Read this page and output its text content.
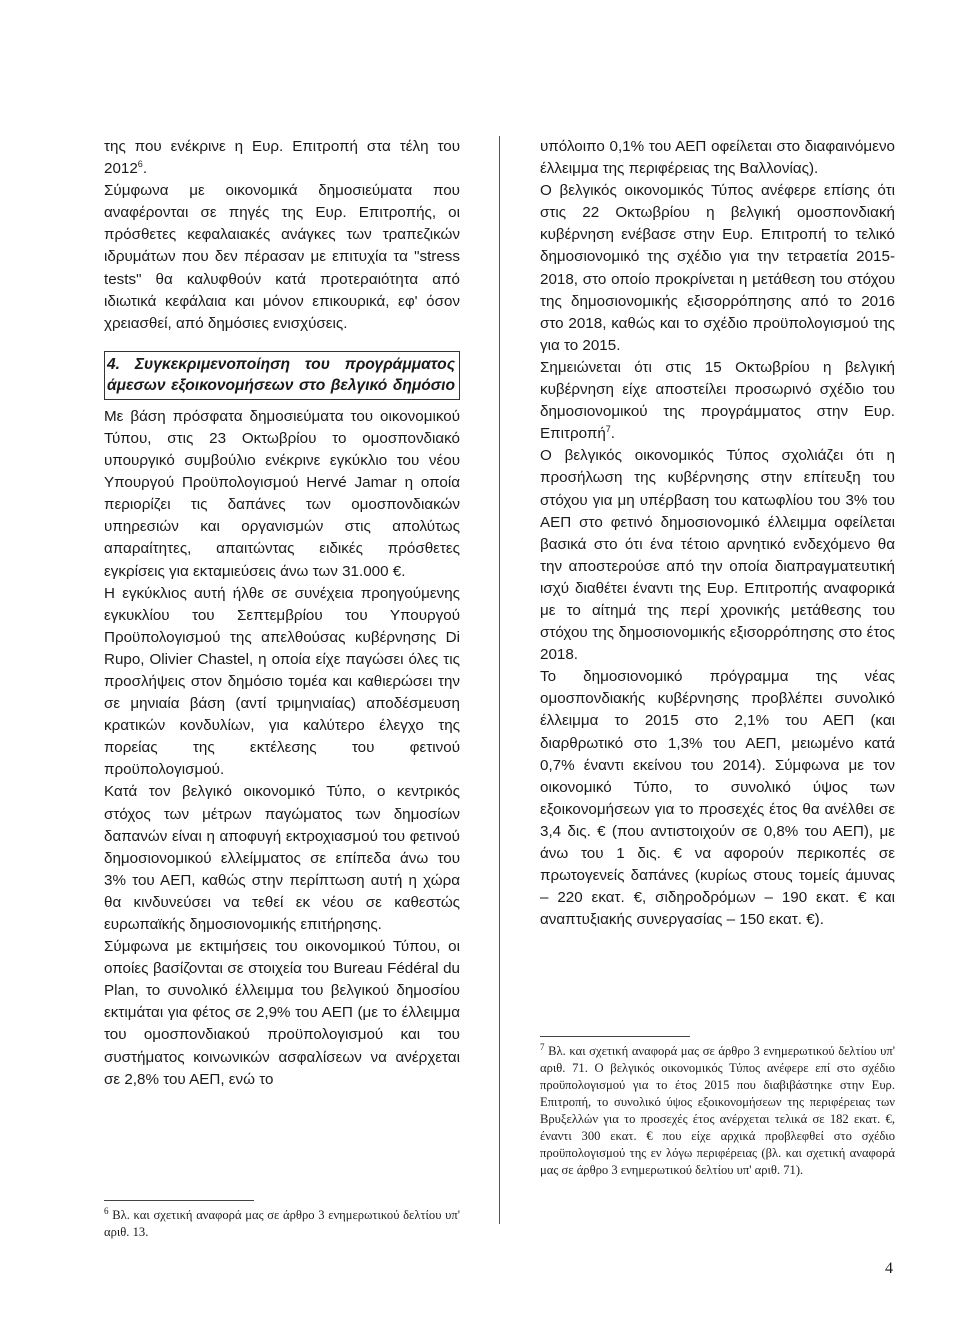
της που ενέκρινε η Ευρ. Επιτροπή στα τέλη του 2012$^6$.

Σύμφωνα με οικονομικά δημοσιεύματα που αναφέρονται σε πηγές της Ευρ. Επιτροπής, οι πρόσθετες κεφαλαιακές ανάγκες των τραπεζικών ιδρυμάτων που δεν πέρασαν με επιτυχία τα "stress tests" θα καλυφθούν κατά προτεραιότητα από ιδιωτικά κεφάλαια και μόνον επικουρικά, εφ' όσον χρειασθεί, από δημόσιες ενισχύσεις.

4. Συγκεκριμενοποίηση του προγράμματος άμεσων εξοικονομήσεων στο βελγικό δημόσιο

Με βάση πρόσφατα δημοσιεύματα του οικονομικού Τύπου, στις 23 Οκτωβρίου το ομοσπονδιακό υπουργικό συμβούλιο ενέκρινε εγκύκλιο του νέου Υπουργού Προϋπολογισμού Hervé Jamar η οποία περιορίζει τις δαπάνες των ομοσπονδιακών υπηρεσιών και οργανισμών στις απολύτως απαραίτητες, απαιτώντας ειδικές πρόσθετες εγκρίσεις για εκταμιεύσεις άνω των 31.000 €.

Η εγκύκλιος αυτή ήλθε σε συνέχεια προηγούμενης εγκυκλίου του Σεπτεμβρίου του Υπουργού Προϋπολογισμού της απελθούσας κυβέρνησης Di Rupo, Olivier Chastel, η οποία είχε παγώσει όλες τις προσλήψεις στον δημόσιο τομέα και καθιερώσει την σε μηνιαία βάση (αντί τριμηνιαίας) αποδέσμευση κρατικών κονδυλίων, για καλύτερο έλεγχο της πορείας της εκτέλεσης του φετινού προϋπολογισμού.

Κατά τον βελγικό οικονομικό Τύπο, ο κεντρικός στόχος των μέτρων παγώματος των δημοσίων δαπανών είναι η αποφυγή εκτροχιασμού του φετινού δημοσιονομικού ελλείμματος σε επίπεδα άνω του 3% του ΑΕΠ, καθώς στην περίπτωση αυτή η χώρα θα κινδυνεύσει να τεθεί εκ νέου σε καθεστώς ευρωπαϊκής δημοσιονομικής επιτήρησης.

Σύμφωνα με εκτιμήσεις του οικονομικού Τύπου, οι οποίες βασίζονται σε στοιχεία του Bureau Fédéral du Plan, το συνολικό έλλειμμα του βελγικού δημοσίου εκτιμάται για φέτος σε 2,9% του ΑΕΠ (με το έλλειμμα του ομοσπονδιακού προϋπολογισμού και του συστήματος κοινωνικών ασφαλίσεων να ανέρχεται σε 2,8% του ΑΕΠ, ενώ το

υπόλοιπο 0,1% του ΑΕΠ οφείλεται στο διαφαινόμενο έλλειμμα της περιφέρειας της Βαλλονίας).

Ο βελγικός οικονομικός Τύπος ανέφερε επίσης ότι στις 22 Οκτωβρίου η βελγική ομοσπονδιακή κυβέρνηση ενέβασε στην Ευρ. Επιτροπή το τελικό δημοσιονομικό της σχέδιο για την τετραετία 2015-2018, στο οποίο προκρίνεται η μετάθεση του στόχου της δημοσιονομικής εξισορρόπησης από το 2016 στο 2018, καθώς και το σχέδιο προϋπολογισμού της για το 2015.

Σημειώνεται ότι στις 15 Οκτωβρίου η βελγική κυβέρνηση είχε αποστείλει προσωρινό σχέδιο του δημοσιονομικού της προγράμματος στην Ευρ. Επιτροπή$^7$.

Ο βελγικός οικονομικός Τύπος σχολιάζει ότι η προσήλωση της κυβέρνησης στην επίτευξη του στόχου για μη υπέρβαση του κατωφλίου του 3% του ΑΕΠ στο φετινό δημοσιονομικό έλλειμμα οφείλεται βασικά στο ότι ένα τέτοιο αρνητικό ενδεχόμενο θα την αποστερούσε από την οποία διαπραγματευτική ισχύ διαθέτει έναντι της Ευρ. Επιτροπής αναφορικά με το αίτημά της περί χρονικής μετάθεσης του στόχου της δημοσιονομικής εξισορρόπησης στο έτος 2018.

Το δημοσιονομικό πρόγραμμα της νέας ομοσπονδιακής κυβέρνησης προβλέπει συνολικό έλλειμμα το 2015 στο 2,1% του ΑΕΠ (και διαρθρωτικό στο 1,3% του ΑΕΠ, μειωμένο κατά 0,7% έναντι εκείνου του 2014). Σύμφωνα με τον οικονομικό Τύπο, το συνολικό ύψος των εξοικονομήσεων για το προσεχές έτος θα ανέλθει σε 3,4 δις. € (που αντιστοιχούν σε 0,8% του ΑΕΠ), με άνω του 1 δις. € να αφορούν περικοπές σε πρωτογενείς δαπάνες (κυρίως στους τομείς άμυνας – 220 εκατ. €, σιδηροδρόμων – 190 εκατ. € και αναπτυξιακής συνεργασίας – 150 εκατ. €).

$^6$ Βλ. και σχετική αναφορά μας σε άρθρο 3 ενημερωτικού δελτίου υπ' αριθ. 13.

$^7$ Βλ. και σχετική αναφορά μας σε άρθρο 3 ενημερωτικού δελτίου υπ' αριθ. 71. Ο βελγικός οικονομικός Τύπος ανέφερε επί στο σχέδιο προϋπολογισμού για το έτος 2015 που διαβιβάστηκε στην Ευρ. Επιτροπή, το συνολικό ύψος εξοικονομήσεων της περιφέρειας των Βρυξελλών για το προσεχές έτος ανέρχεται τελικά σε 182 εκατ. €, έναντι 300 εκατ. € που είχε αρχικά προβλεφθεί στο σχέδιο προϋπολογισμού της εν λόγω περιφέρειας (βλ. και σχετική αναφορά μας σε άρθρο 3 ενημερωτικού δελτίου υπ' αριθ. 71).

4
